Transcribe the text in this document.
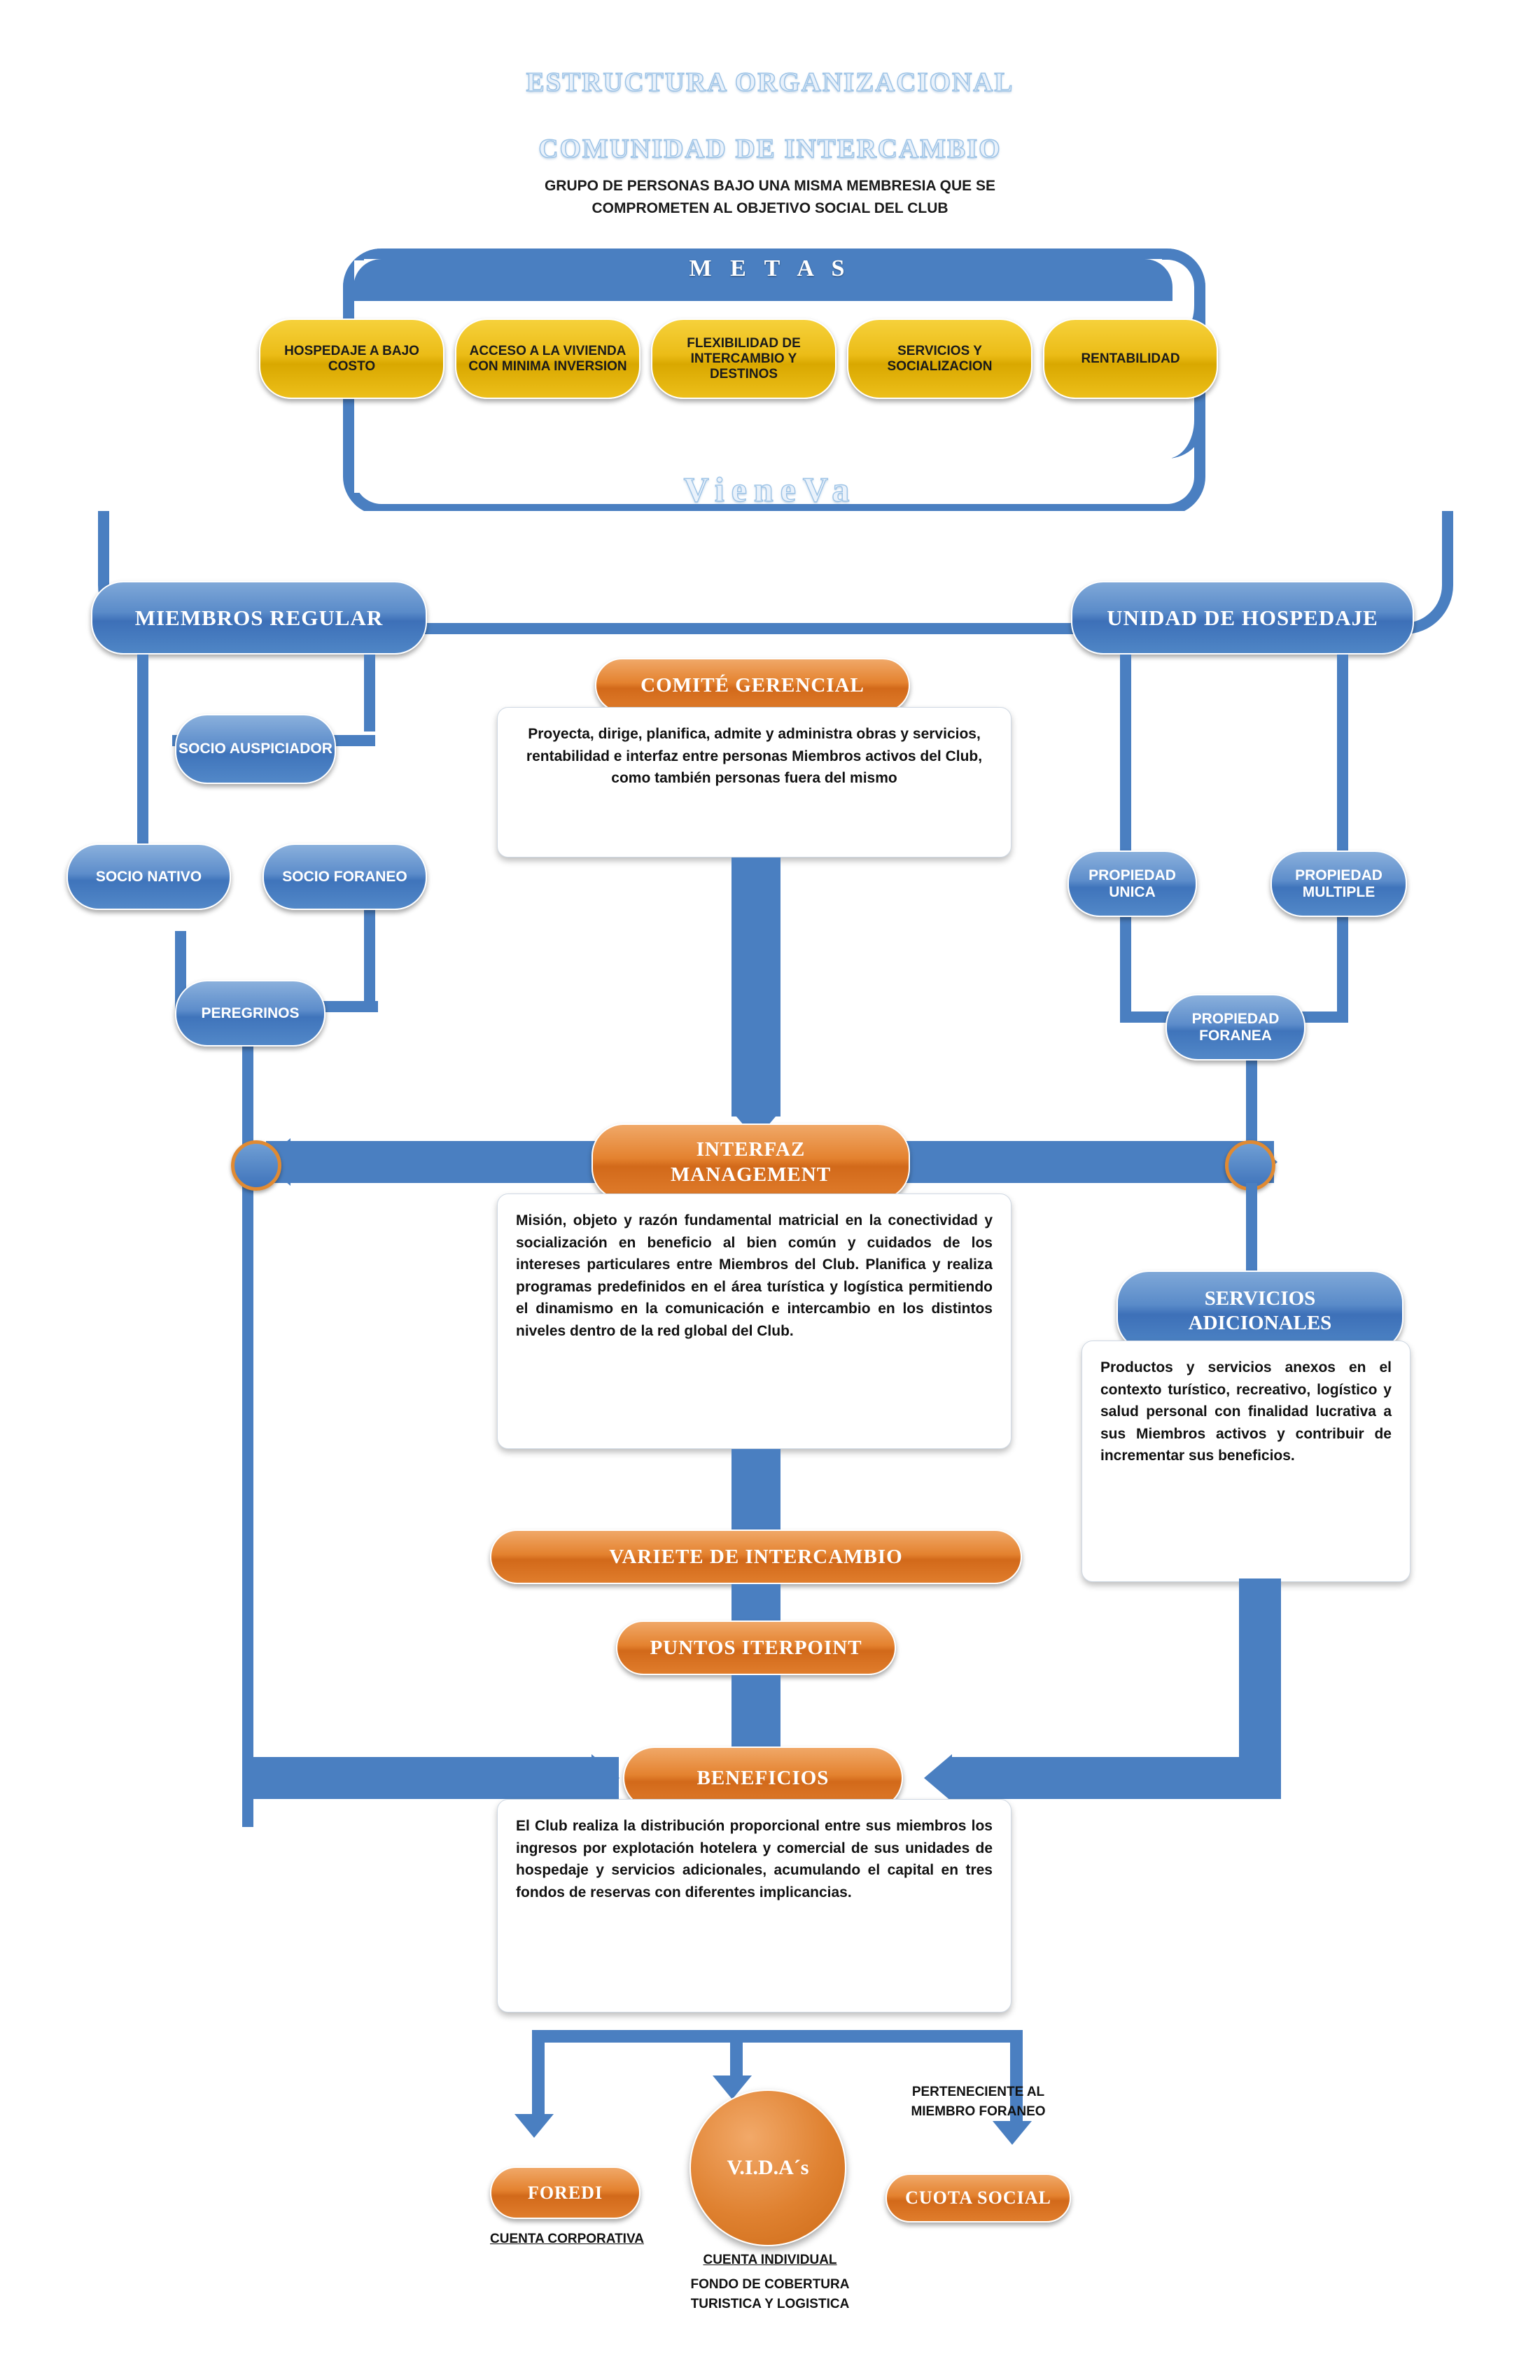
ESTRUCTURA ORGANIZACIONAL
COMUNIDAD DE INTERCAMBIO
GRUPO DE PERSONAS BAJO UNA MISMA MEMBRESIA QUE SE COMPROMETEN AL OBJETIVO SOCIAL DEL CLUB
M E T A S
HOSPEDAJE A BAJO COSTO
ACCESO A LA VIVIENDA CON MINIMA INVERSION
FLEXIBILIDAD DE INTERCAMBIO Y DESTINOS
SERVICIOS Y SOCIALIZACION
RENTABILIDAD
VieneVa
MIEMBROS REGULAR	UNIDAD DE HOSPEDAJE
SOCIO AUSPICIADOR
SOCIO NATIVO	SOCIO FORANEO
PEREGRINOS
PROPIEDAD UNICA
PROPIEDAD MULTIPLE
PROPIEDAD FORANEA
COMITÉ GERENCIAL
Proyecta, dirige, planifica, admite y administra obras y servicios, rentabilidad e interfaz entre personas Miembros activos del Club, como también personas fuera del mismo
INTERFAZ
MANAGEMENT
Misión, objeto y razón fundamental matricial en la conectividad y socialización en beneficio al bien común y cuidados de los intereses particulares entre Miembros del Club. Planifica y realiza programas predefinidos en el área turística y logística permitiendo el dinamismo en la comunicación e intercambio en los distintos niveles dentro de la red global del Club.
SERVICIOS
ADICIONALES
Productos y servicios anexos en el contexto turístico, recreativo, logístico y salud personal con finalidad lucrativa a sus Miembros activos y contribuir de incrementar sus beneficios.
VARIETE DE INTERCAMBIO
PUNTOS ITERPOINT
BENEFICIOS
El Club realiza la distribución proporcional entre sus miembros los ingresos por explotación hotelera y comercial de sus unidades de hospedaje y servicios adicionales, acumulando el capital en tres fondos de reservas con diferentes implicancias.
FOREDI
CUENTA CORPORATIVA
V.I.D.A´s
CUENTA INDIVIDUAL
FONDO DE COBERTURA TURISTICA Y LOGISTICA
CUOTA SOCIAL
PERTENECIENTE AL MIEMBRO FORANEO
